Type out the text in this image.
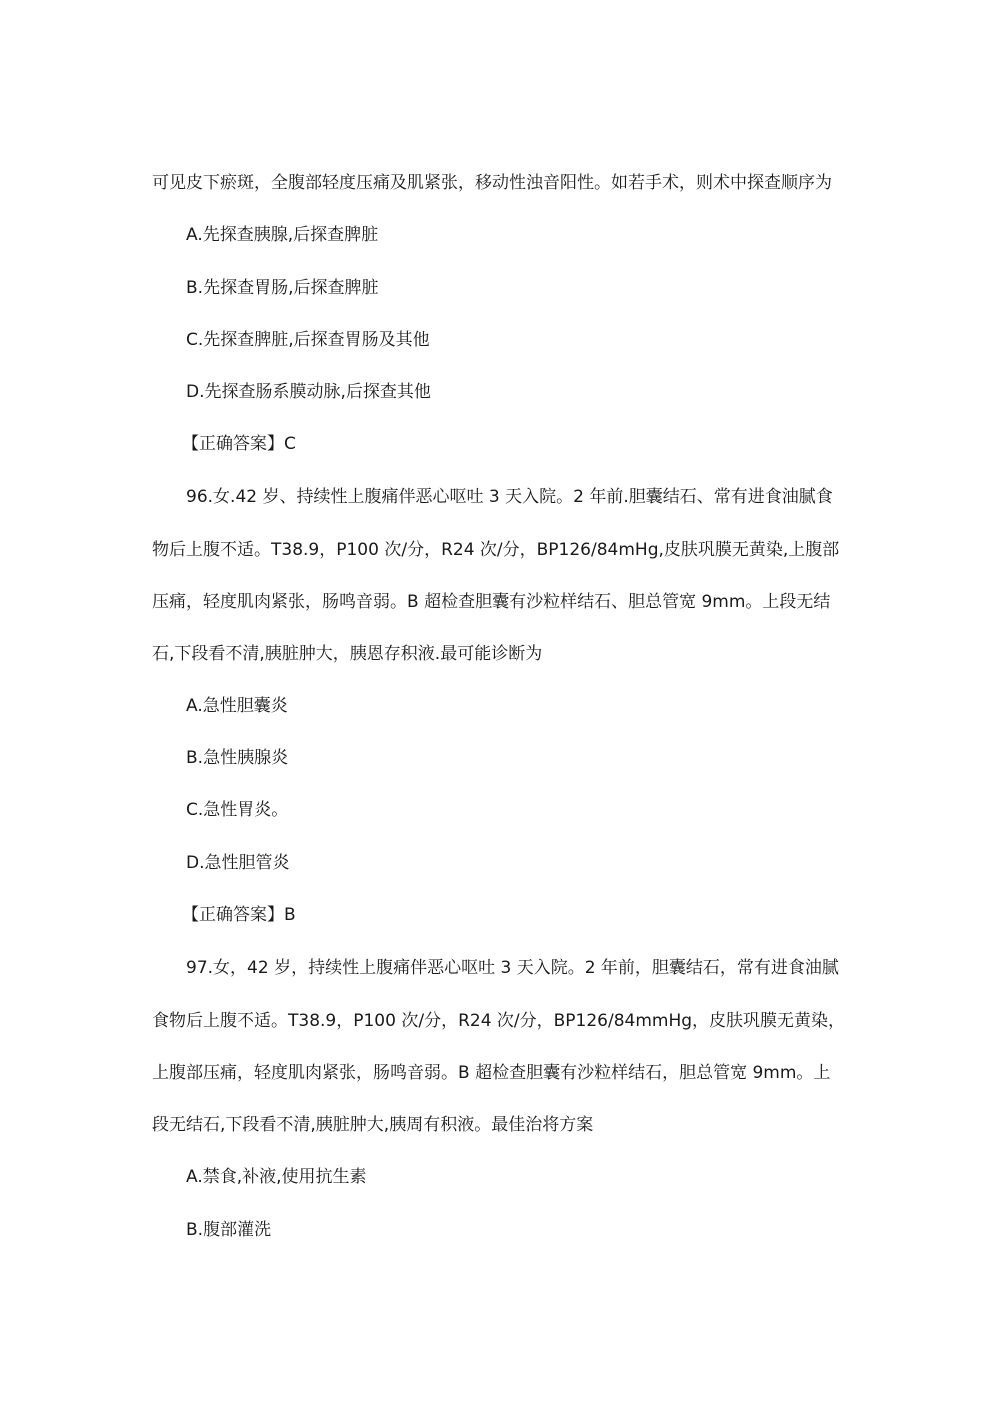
可见皮下瘀斑，全腹部轻度压痛及肌紧张，移动性浊音阳性。如若手术，则术中探查顺序为
A.先探查胰腺,后探查脾脏
B.先探查胃肠,后探查脾脏
C.先探查脾脏,后探查胃肠及其他
D.先探查肠系膜动脉,后探查其他
【正确答案】C
96.女.42 岁、持续性上腹痛伴恶心呕吐 3 天入院。2 年前.胆囊结石、常有进食油腻食
物后上腹不适。T38.9，P100 次/分，R24 次/分，BP126/84mHg,皮肤巩膜无黄染,上腹部
压痛，轻度肌肉紧张，肠鸣音弱。B 超检查胆囊有沙粒样结石、胆总管宽 9mm。上段无结
石,下段看不清,胰脏肿大，胰恩存积液.最可能诊断为
A.急性胆囊炎
B.急性胰腺炎
C.急性胃炎。
D.急性胆管炎
【正确答案】B
97.女，42 岁，持续性上腹痛伴恶心呕吐 3 天入院。2 年前，胆囊结石，常有进食油腻
食物后上腹不适。T38.9，P100 次/分，R24 次/分，BP126/84mmHg，皮肤巩膜无黄染，
上腹部压痛，轻度肌肉紧张，肠鸣音弱。B 超检查胆囊有沙粒样结石，胆总管宽 9mm。上
段无结石,下段看不清,胰脏肿大,胰周有积液。最佳治将方案
A.禁食,补液,使用抗生素
B.腹部灌洗
